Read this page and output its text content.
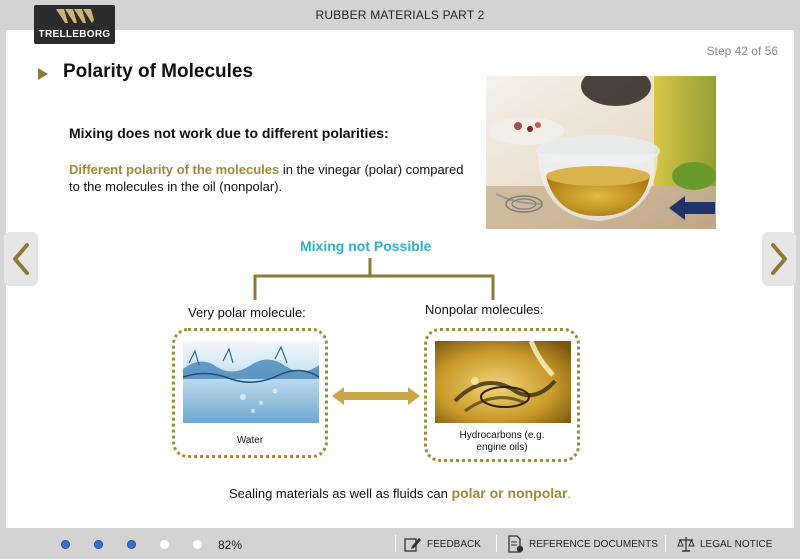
RUBBER MATERIALS PART 2
TRELLEBORG
Step 42 of 56
Polarity of Molecules
Mixing does not work due to different polarities:
Different polarity of the molecules in the vinegar (polar) compared to the molecules in the oil (nonpolar).
Mixing not Possible
Very polar molecule:	Nonpolar molecules:
Water	Hydrocarbons (e.g.
engine oils)
Sealing materials as well as fluids can polar or nonpolar.
82%	FEEDBACK	REFERENCE DOCUMENTS	LEGAL NOTICE
